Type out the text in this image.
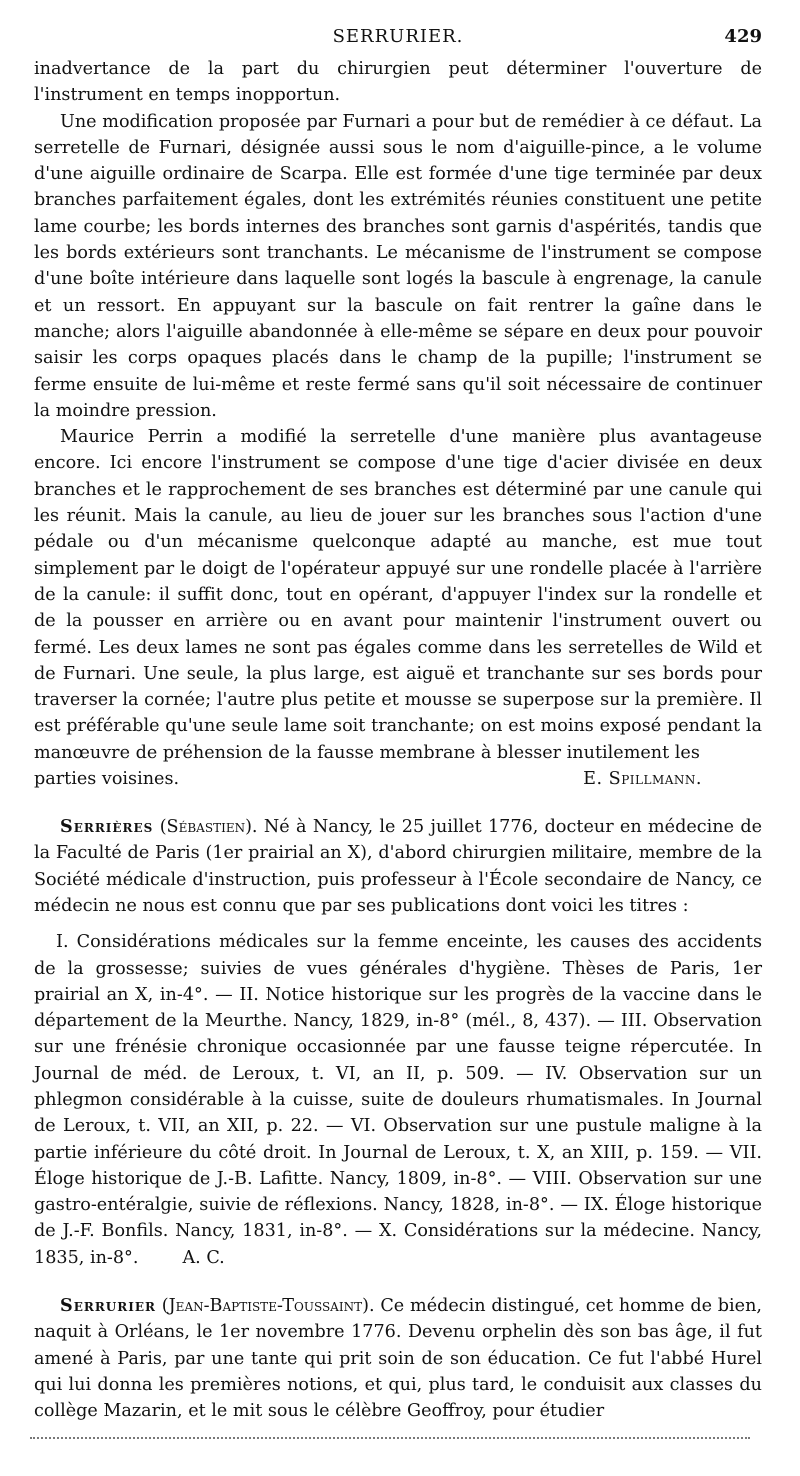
SERRURIER.	429

inadvertance de la part du chirurgien peut déterminer l'ouverture de l'instrument en temps inopportun.

Une modification proposée par Furnari a pour but de remédier à ce défaut. La serretelle de Furnari, désignée aussi sous le nom d'aiguille-pince, a le volume d'une aiguille ordinaire de Scarpa. Elle est formée d'une tige terminée par deux branches parfaitement égales, dont les extrémités réunies constituent une petite lame courbe; les bords internes des branches sont garnis d'aspérités, tandis que les bords extérieurs sont tranchants. Le mécanisme de l'instrument se compose d'une boîte intérieure dans laquelle sont logés la bascule à engrenage, la canule et un ressort. En appuyant sur la bascule on fait rentrer la gaîne dans le manche; alors l'aiguille abandonnée à elle-même se sépare en deux pour pouvoir saisir les corps opaques placés dans le champ de la pupille; l'instrument se ferme ensuite de lui-même et reste fermé sans qu'il soit nécessaire de continuer la moindre pression.

Maurice Perrin a modifié la serretelle d'une manière plus avantageuse encore. Ici encore l'instrument se compose d'une tige d'acier divisée en deux branches et le rapprochement de ses branches est déterminé par une canule qui les réunit. Mais la canule, au lieu de jouer sur les branches sous l'action d'une pédale ou d'un mécanisme quelconque adapté au manche, est mue tout simplement par le doigt de l'opérateur appuyé sur une rondelle placée à l'arrière de la canule: il suffit donc, tout en opérant, d'appuyer l'index sur la rondelle et de la pousser en arrière ou en avant pour maintenir l'instrument ouvert ou fermé. Les deux lames ne sont pas égales comme dans les serretelles de Wild et de Furnari. Une seule, la plus large, est aiguë et tranchante sur ses bords pour traverser la cornée; l'autre plus petite et mousse se superpose sur la première. Il est préférable qu'une seule lame soit tranchante; on est moins exposé pendant la manœuvre de préhension de la fausse membrane à blesser inutilement les

parties voisines.	E. Spillmann.

Serrières (Sébastien). Né à Nancy, le 25 juillet 1776, docteur en médecine de la Faculté de Paris (1er prairial an X), d'abord chirurgien militaire, membre de la Société médicale d'instruction, puis professeur à l'École secondaire de Nancy, ce médecin ne nous est connu que par ses publications dont voici les titres :

I. Considérations médicales sur la femme enceinte, les causes des accidents de la grossesse; suivies de vues générales d'hygiène. Thèses de Paris, 1er prairial an X, in-4°. — II. Notice historique sur les progrès de la vaccine dans le département de la Meurthe. Nancy, 1829, in-8° (mél., 8, 437). — III. Observation sur une frénésie chronique occasionnée par une fausse teigne répercutée. In Journal de méd. de Leroux, t. VI, an II, p. 509. — IV. Observation sur un phlegmon considérable à la cuisse, suite de douleurs rhumatismales. In Journal de Leroux, t. VII, an XII, p. 22. — VI. Observation sur une pustule maligne à la partie inférieure du côté droit. In Journal de Leroux, t. X, an XIII, p. 159. — VII. Éloge historique de J.-B. Lafitte. Nancy, 1809, in-8°. — VIII. Observation sur une gastro-entéralgie, suivie de réflexions. Nancy, 1828, in-8°. — IX. Éloge historique de J.-F. Bonfils. Nancy, 1831, in-8°. — X. Considérations sur la médecine. Nancy, 1835, in-8°.	A. C.

Serrurier (Jean-Baptiste-Toussaint). Ce médecin distingué, cet homme de bien, naquit à Orléans, le 1er novembre 1776. Devenu orphelin dès son bas âge, il fut amené à Paris, par une tante qui prit soin de son éducation. Ce fut l'abbé Hurel qui lui donna les premières notions, et qui, plus tard, le conduisit aux classes du collège Mazarin, et le mit sous le célèbre Geoffroy, pour étudier
